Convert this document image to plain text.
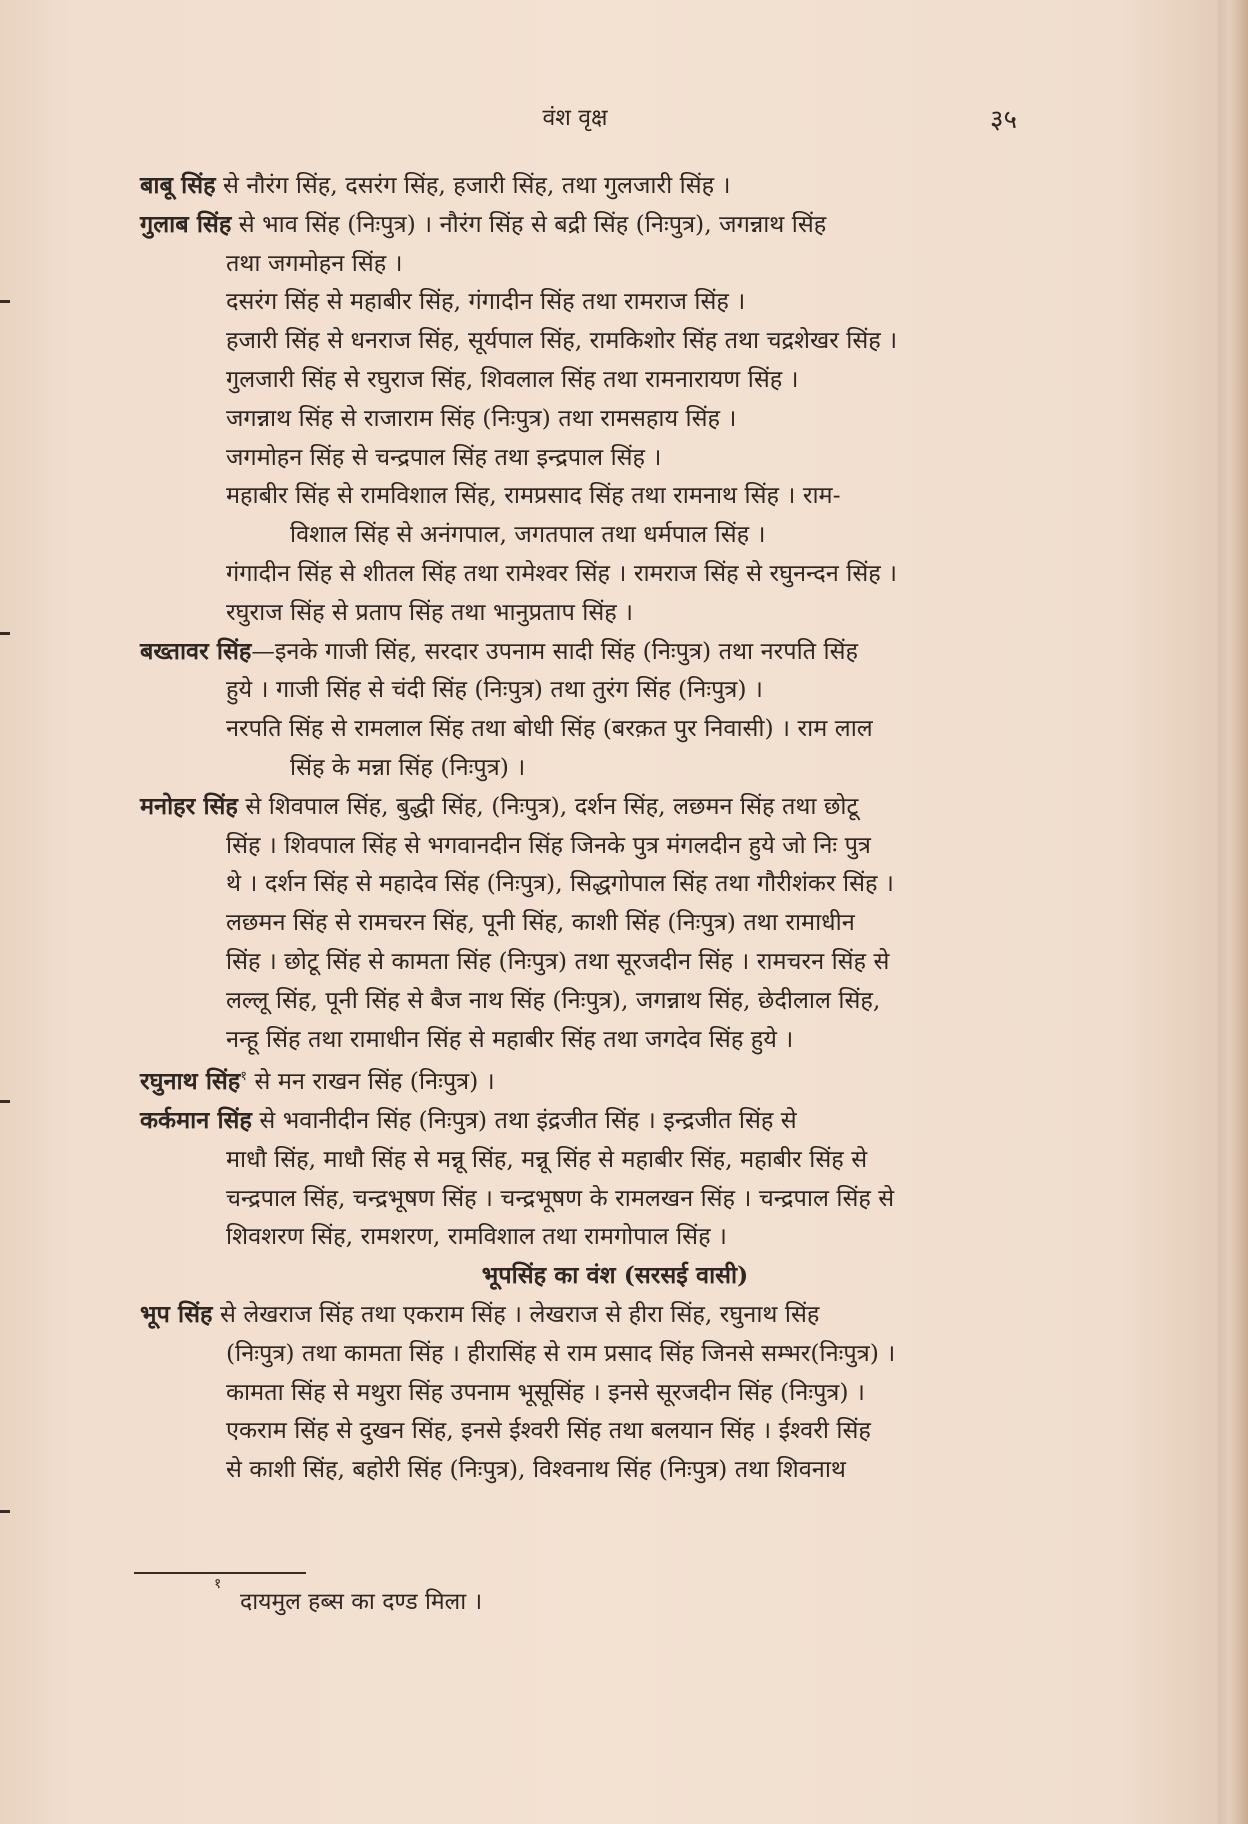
वंश वृक्ष	३५
बाबू सिंह से नौरंग सिंह, दसरंग सिंह, हजारी सिंह, तथा गुलजारी सिंह ।
गुलाब सिंह से भाव सिंह (निःपुत्र) । नौरंग सिंह से बद्री सिंह (निःपुत्र), जगन्नाथ सिंह
तथा जगमोहन सिंह ।
दसरंग सिंह से महाबीर सिंह, गंगादीन सिंह तथा रामराज सिंह ।
हजारी सिंह से धनराज सिंह, सूर्यपाल सिंह, रामकिशोर सिंह तथा चद्रशेखर सिंह ।
गुलजारी सिंह से रघुराज सिंह, शिवलाल सिंह तथा रामनारायण सिंह ।
जगन्नाथ सिंह से राजाराम सिंह (निःपुत्र) तथा रामसहाय सिंह ।
जगमोहन सिंह से चन्द्रपाल सिंह तथा इन्द्रपाल सिंह ।
महाबीर सिंह से रामविशाल सिंह, रामप्रसाद सिंह तथा रामनाथ सिंह । राम-
विशाल सिंह से अनंगपाल, जगतपाल तथा धर्मपाल सिंह ।
गंगादीन सिंह से शीतल सिंह तथा रामेश्वर सिंह । रामराज सिंह से रघुनन्दन सिंह ।
रघुराज सिंह से प्रताप सिंह तथा भानुप्रताप सिंह ।
बख्तावर सिंह—इनके गाजी सिंह, सरदार उपनाम सादी सिंह (निःपुत्र) तथा नरपति सिंह
हुये । गाजी सिंह से चंदी सिंह (निःपुत्र) तथा तुरंग सिंह (निःपुत्र) ।
नरपति सिंह से रामलाल सिंह तथा बोधी सिंह (बरक़त पुर निवासी) । राम लाल
सिंह के मन्ना सिंह (निःपुत्र) ।
मनोहर सिंह से शिवपाल सिंह, बुद्धी सिंह, (निःपुत्र), दर्शन सिंह, लछमन सिंह तथा छोटू
सिंह । शिवपाल सिंह से भगवानदीन सिंह जिनके पुत्र मंगलदीन हुये जो निः पुत्र
थे । दर्शन सिंह से महादेव सिंह (निःपुत्र), सिद्धगोपाल सिंह तथा गौरीशंकर सिंह ।
लछमन सिंह से रामचरन सिंह, पूनी सिंह, काशी सिंह (निःपुत्र) तथा रामाधीन
सिंह । छोटू सिंह से कामता सिंह (निःपुत्र) तथा सूरजदीन सिंह । रामचरन सिंह से
लल्लू सिंह, पूनी सिंह से बैज नाथ सिंह (निःपुत्र), जगन्नाथ सिंह, छेदीलाल सिंह,
नन्हू सिंह तथा रामाधीन सिंह से महाबीर सिंह तथा जगदेव सिंह हुये ।
रघुनाथ सिंह$^१$ से मन राखन सिंह (निःपुत्र) ।
कर्कमान सिंह से भवानीदीन सिंह (निःपुत्र) तथा इंद्रजीत सिंह । इन्द्रजीत सिंह से
माधौ सिंह, माधौ सिंह से मन्नू सिंह, मन्नू सिंह से महाबीर सिंह, महाबीर सिंह से
चन्द्रपाल सिंह, चन्द्रभूषण सिंह । चन्द्रभूषण के रामलखन सिंह । चन्द्रपाल सिंह से
शिवशरण सिंह, रामशरण, रामविशाल तथा रामगोपाल सिंह ।
भूपसिंह का वंश (सरसई वासी)
भूप सिंह से लेखराज सिंह तथा एकराम सिंह । लेखराज से हीरा सिंह, रघुनाथ सिंह
(निःपुत्र) तथा कामता सिंह । हीरासिंह से राम प्रसाद सिंह जिनसे सम्भर(निःपुत्र) ।
कामता सिंह से मथुरा सिंह उपनाम भूसूसिंह । इनसे सूरजदीन सिंह (निःपुत्र) ।
एकराम सिंह से दुखन सिंह, इनसे ईश्वरी सिंह तथा बलयान सिंह । ईश्वरी सिंह
से काशी सिंह, बहोरी सिंह (निःपुत्र), विश्वनाथ सिंह (निःपुत्र) तथा शिवनाथ
१
दायमुल हब्स का दण्ड मिला ।
